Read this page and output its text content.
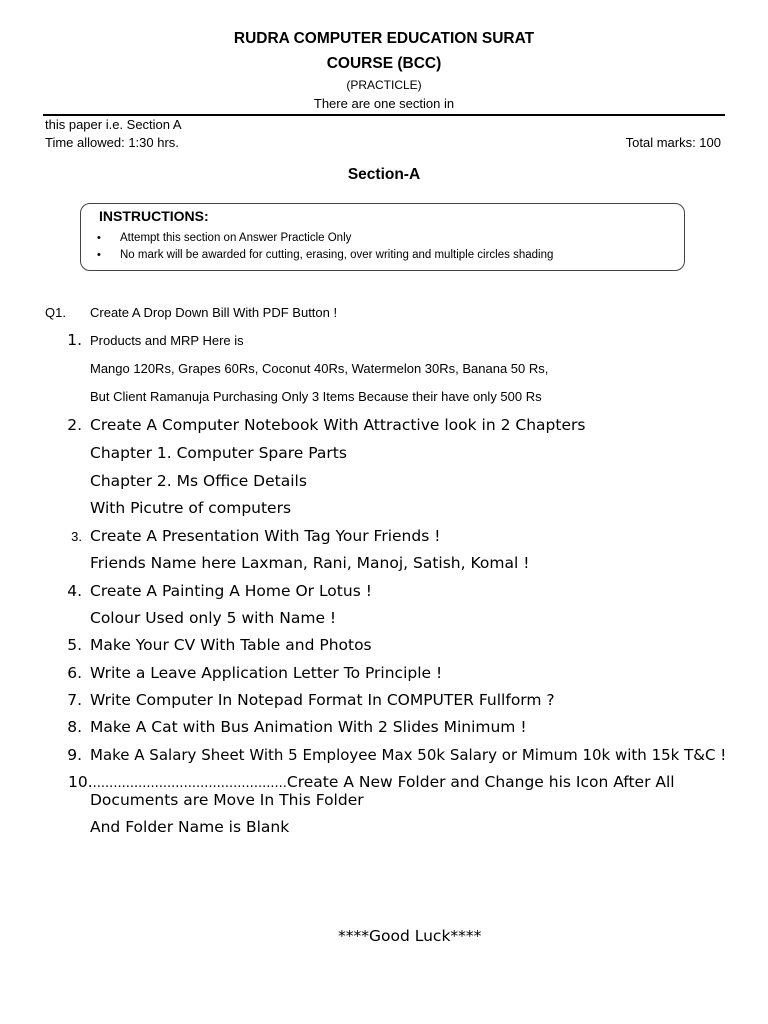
RUDRA COMPUTER EDUCATION SURAT
COURSE (BCC)
(PRACTICLE)
There are one section in
this paper i.e. Section A
Time allowed: 1:30 hrs.	Total marks: 100
Section-A
INSTRUCTIONS:
• Attempt this section on Answer Practicle Only
• No mark will be awarded for cutting, erasing, over writing and multiple circles shading
Q1. Create A Drop Down Bill With PDF Button !
1. Products and MRP Here is
Mango 120Rs, Grapes 60Rs, Coconut 40Rs, Watermelon 30Rs, Banana 50 Rs,
But Client Ramanuja Purchasing Only 3 Items Because their have only 500 Rs
2. Create A Computer Notebook With Attractive look in 2 Chapters
Chapter 1. Computer Spare Parts
Chapter 2. Ms Office Details
With Picutre of computers
3. Create A Presentation With Tag Your Friends !
Friends Name here Laxman, Rani, Manoj, Satish, Komal !
4. Create A Painting A Home Or Lotus !
Colour Used only 5 with Name !
5. Make Your CV With Table and Photos
6. Write a Leave Application Letter To Principle !
7. Write Computer In Notepad Format In COMPUTER Fullform ?
8. Make A Cat with Bus Animation With 2 Slides Minimum !
9. Make A Salary Sheet With 5 Employee Max 50k Salary or Mimum 10k with 15k T&C !
10................................................Create A New Folder and Change his Icon After All
Documents are Move In This Folder
And Folder Name is Blank
****Good Luck****
